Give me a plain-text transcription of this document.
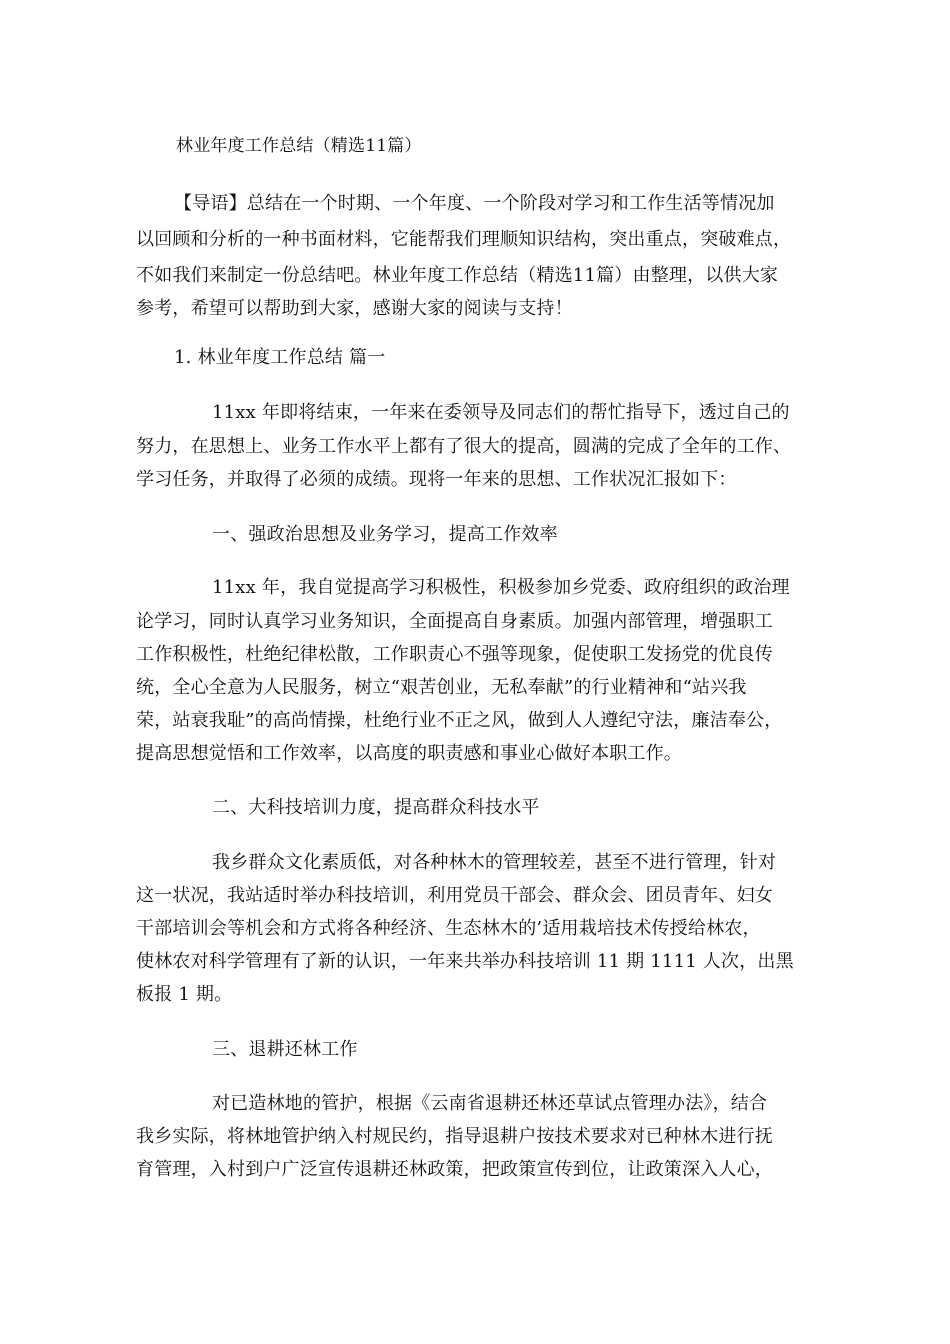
林业年度工作总结（精选11篇）
【导语】总结在一个时期、一个年度、一个阶段对学习和工作生活等情况加
以回顾和分析的一种书面材料，它能帮我们理顺知识结构，突出重点，突破难点，
不如我们来制定一份总结吧。林业年度工作总结（精选11篇）由整理，以供大家
参考，希望可以帮助到大家，感谢大家的阅读与支持！
1. 林业年度工作总结 篇一
11xx 年即将结束，一年来在委领导及同志们的帮忙指导下，透过自己的
努力，在思想上、业务工作水平上都有了很大的提高，圆满的完成了全年的工作、
学习任务，并取得了必须的成绩。现将一年来的思想、工作状况汇报如下：
一、强政治思想及业务学习，提高工作效率
11xx 年，我自觉提高学习积极性，积极参加乡党委、政府组织的政治理
论学习，同时认真学习业务知识，全面提高自身素质。加强内部管理，增强职工
工作积极性，杜绝纪律松散，工作职责心不强等现象，促使职工发扬党的优良传
统，全心全意为人民服务，树立“艰苦创业，无私奉献”的行业精神和“站兴我
荣，站衰我耻”的高尚情操，杜绝行业不正之风，做到人人遵纪守法，廉洁奉公，
提高思想觉悟和工作效率，以高度的职责感和事业心做好本职工作。
二、大科技培训力度，提高群众科技水平
我乡群众文化素质低，对各种林木的管理较差，甚至不进行管理，针对
这一状况，我站适时举办科技培训，利用党员干部会、群众会、团员青年、妇女
干部培训会等机会和方式将各种经济、生态林木的’适用栽培技术传授给林农，
使林农对科学管理有了新的认识，一年来共举办科技培训 11 期 1111 人次，出黑
板报 1 期。
三、退耕还林工作
对已造林地的管护，根据《云南省退耕还林还草试点管理办法》，结合
我乡实际，将林地管护纳入村规民约，指导退耕户按技术要求对已种林木进行抚
育管理，入村到户广泛宣传退耕还林政策，把政策宣传到位，让政策深入人心，
